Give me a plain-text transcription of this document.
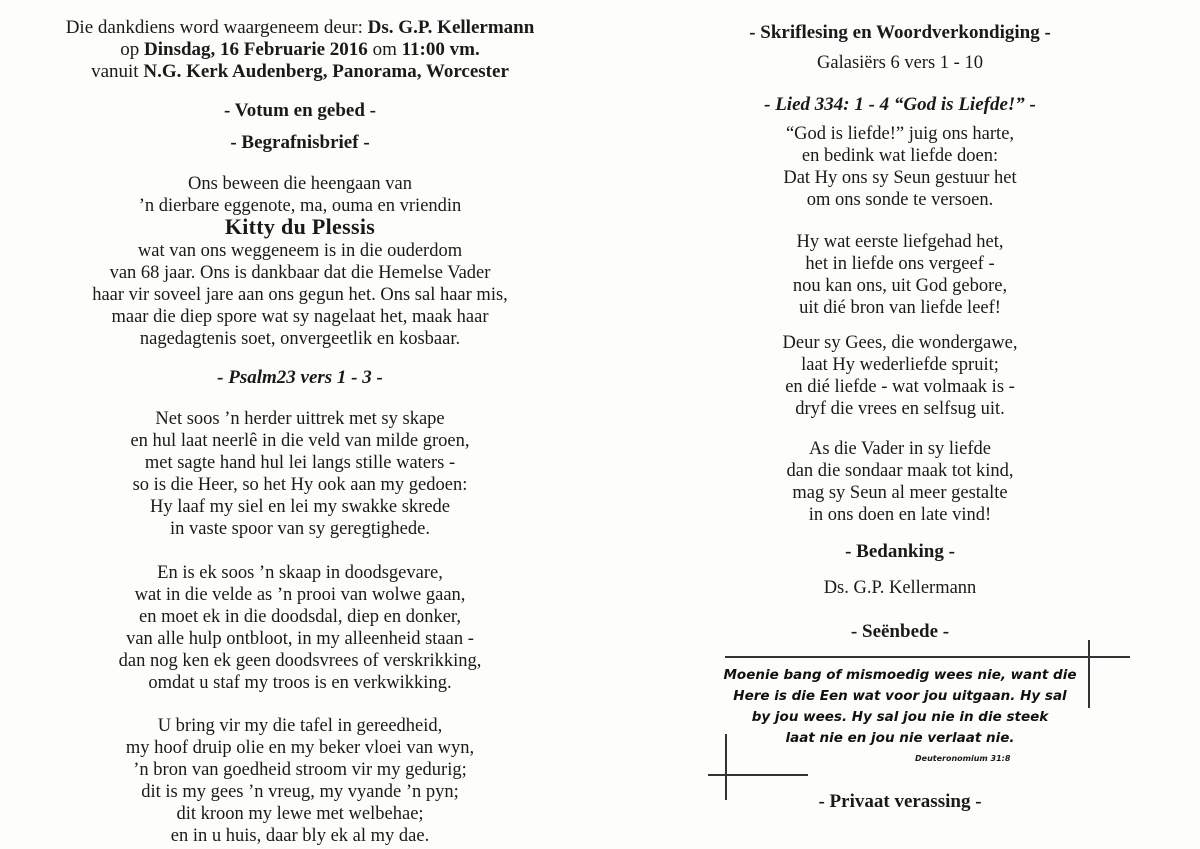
Die dankdiens word waargeneem deur: Ds. G.P. Kellermann
op Dinsdag, 16 Februarie 2016 om 11:00 vm.
vanuit N.G. Kerk Audenberg, Panorama, Worcester
- Votum en gebed -
- Begrafnisbrief -
Ons beween die heengaan van
’n dierbare eggenote, ma, ouma en vriendin
Kitty du Plessis
wat van ons weggeneem is in die ouderdom
van 68 jaar. Ons is dankbaar dat die Hemelse Vader
haar vir soveel jare aan ons gegun het. Ons sal haar mis,
maar die diep spore wat sy nagelaat het, maak haar
nagedagtenis soet, onvergeetlik en kosbaar.
- Psalm23 vers 1 - 3 -
Net soos ’n herder uittrek met sy skape
en hul laat neerlê in die veld van milde groen,
met sagte hand hul lei langs stille waters -
so is die Heer, so het Hy ook aan my gedoen:
Hy laaf my siel en lei my swakke skrede
in vaste spoor van sy geregtighede.
En is ek soos ’n skaap in doodsgevare,
wat in die velde as ’n prooi van wolwe gaan,
en moet ek in die doodsdal, diep en donker,
van alle hulp ontbloot, in my alleenheid staan -
dan nog ken ek geen doodsvrees of verskrikking,
omdat u staf my troos is en verkwikking.
U bring vir my die tafel in gereedheid,
my hoof druip olie en my beker vloei van wyn,
’n bron van goedheid stroom vir my gedurig;
dit is my gees ’n vreug, my vyande ’n pyn;
dit kroon my lewe met welbehae;
en in u huis, daar bly ek al my dae.
- Skriflesing en Woordverkondiging -
Galasiërs 6 vers 1 - 10
- Lied 334: 1 - 4 “God is Liefde!” -
“God is liefde!” juig ons harte,
en bedink wat liefde doen:
Dat Hy ons sy Seun gestuur het
om ons sonde te versoen.
Hy wat eerste liefgehad het,
het in liefde ons vergeef -
nou kan ons, uit God gebore,
uit dié bron van liefde leef!
Deur sy Gees, die wondergawe,
laat Hy wederliefde spruit;
en dié liefde - wat volmaak is -
dryf die vrees en selfsug uit.
As die Vader in sy liefde
dan die sondaar maak tot kind,
mag sy Seun al meer gestalte
in ons doen en late vind!
- Bedanking -
Ds. G.P. Kellermann
- Seënbede -
Moenie bang of mismoedig wees nie, want die
Here is die Een wat voor jou uitgaan. Hy sal
by jou wees. Hy sal jou nie in die steek
laat nie en jou nie verlaat nie.
Deuteronomium 31:8
- Privaat verassing -
